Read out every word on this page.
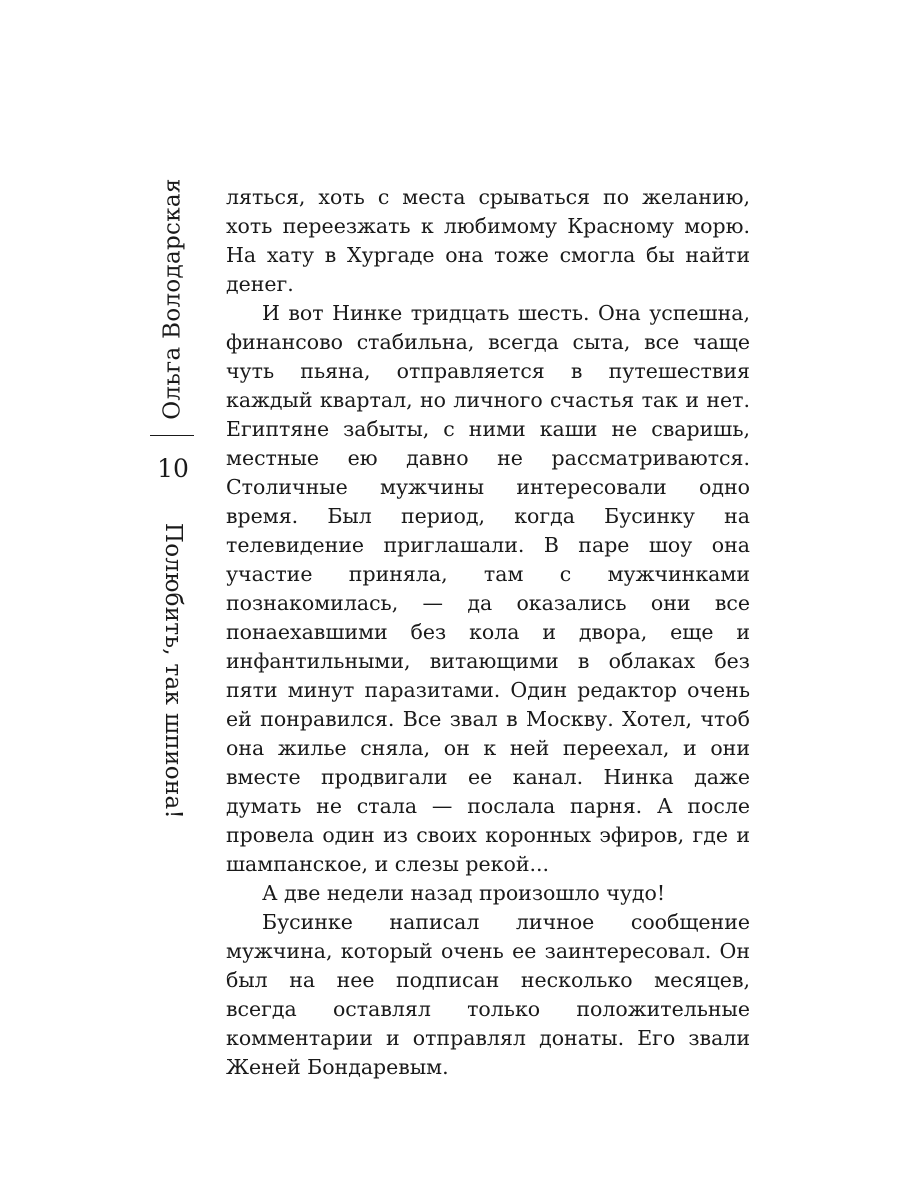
Ольга Володарская
10
Полюбить, так шпиона!

ляться, хоть с места срываться по желанию, хоть переезжать к любимому Красному морю. На хату в Хургаде она тоже смогла бы найти денег.

И вот Нинке тридцать шесть. Она успешна, финансово стабильна, всегда сыта, все чаще чуть пьяна, отправляется в путешествия каждый квартал, но личного счастья так и нет. Египтяне забыты, с ними каши не сваришь, местные ею давно не рассматриваются. Столичные мужчины интересовали одно время. Был период, когда Бусинку на телевидение приглашали. В паре шоу она участие приняла, там с мужчинками познакомилась, — да оказались они все понаехавшими без кола и двора, еще и инфантильными, витающими в облаках без пяти минут паразитами. Один редактор очень ей понравился. Все звал в Москву. Хотел, чтоб она жилье сняла, он к ней переехал, и они вместе продвигали ее канал. Нинка даже думать не стала — послала парня. А после провела один из своих коронных эфиров, где и шампанское, и слезы рекой...

А две недели назад произошло чудо!

Бусинке написал личное сообщение мужчина, который очень ее заинтересовал. Он был на нее подписан несколько месяцев, всегда оставлял только положительные комментарии и отправлял донаты. Его звали Женей Бондаревым.
